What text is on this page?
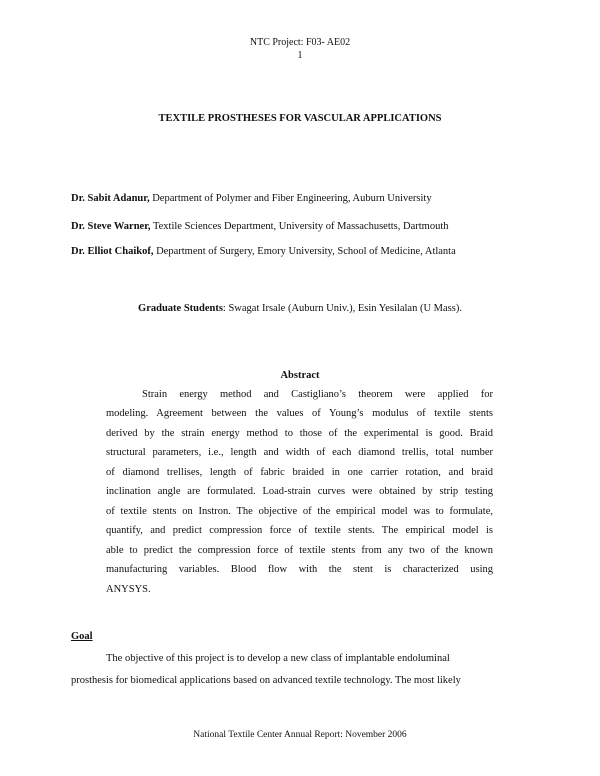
NTC Project: F03- AE02
1
TEXTILE PROSTHESES FOR VASCULAR APPLICATIONS
Dr. Sabit Adanur, Department of Polymer and Fiber Engineering, Auburn University
Dr. Steve Warner, Textile Sciences Department, University of Massachusetts, Dartmouth
Dr. Elliot Chaikof, Department of Surgery, Emory University, School of Medicine, Atlanta
Graduate Students: Swagat Irsale (Auburn Univ.), Esin Yesilalan (U Mass).
Abstract
Strain energy method and Castigliano’s theorem were applied for
modeling. Agreement between the values of Young’s modulus of textile stents
derived by the strain energy method to those of the experimental is good. Braid
structural parameters, i.e., length and width of each diamond trellis, total number
of diamond trellises, length of fabric braided in one carrier rotation, and braid
inclination angle are formulated. Load-strain curves were obtained by strip testing
of textile stents on Instron. The objective of the empirical model was to formulate,
quantify, and predict compression force of textile stents. The empirical model is
able to predict the compression force of textile stents from any two of the known
manufacturing variables. Blood flow with the stent is characterized using
ANYSYS.
Goal
The objective of this project is to develop a new class of implantable endoluminal
prosthesis for biomedical applications based on advanced textile technology. The most likely
National Textile Center Annual Report: November 2006
